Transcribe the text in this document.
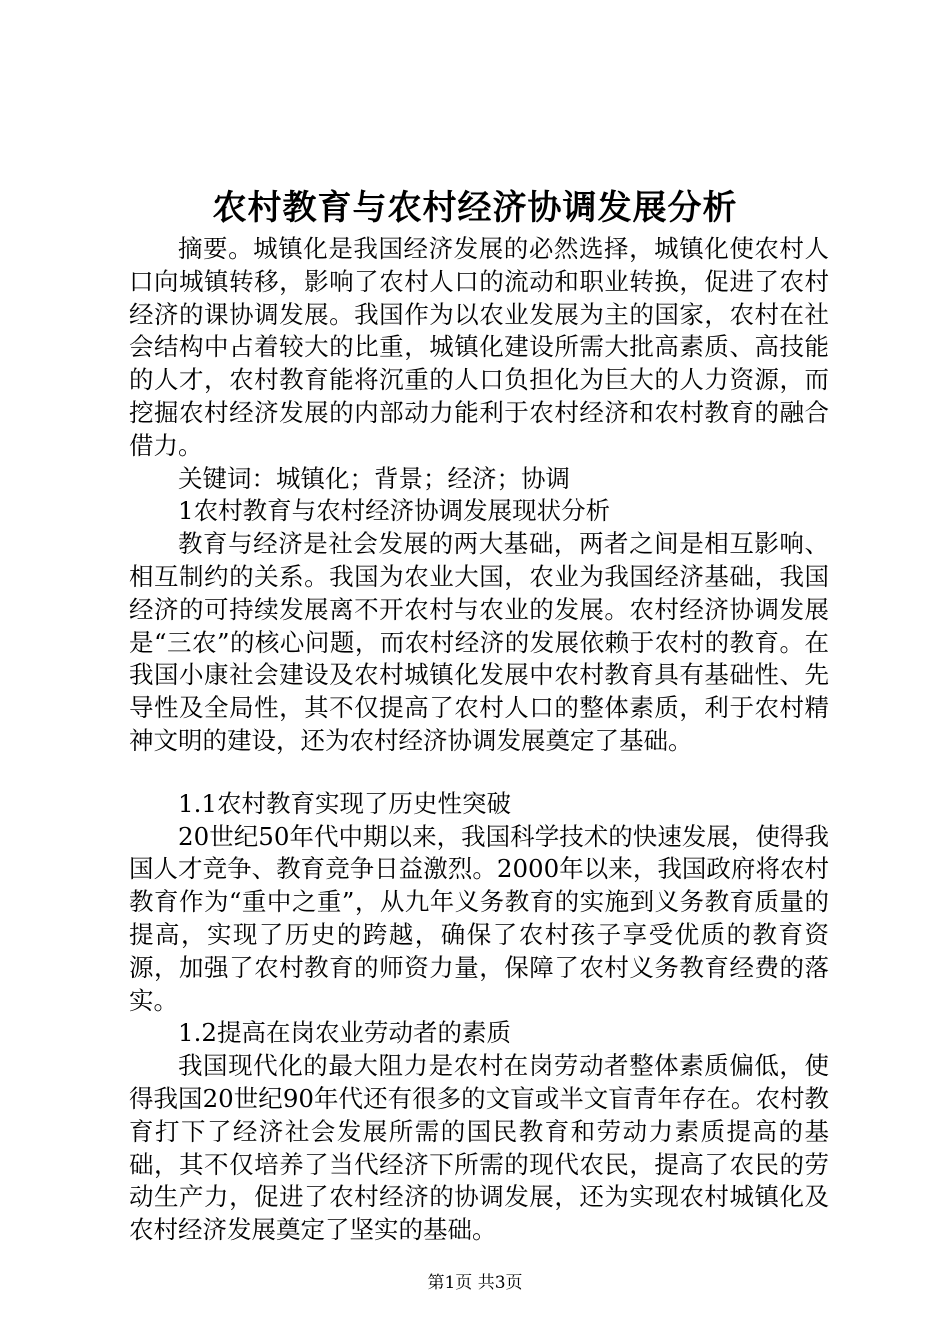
农村教育与农村经济协调发展分析

摘要。城镇化是我国经济发展的必然选择，城镇化使农村人口向城镇转移，影响了农村人口的流动和职业转换，促进了农村经济的课协调发展。我国作为以农业发展为主的国家，农村在社会结构中占着较大的比重，城镇化建设所需大批高素质、高技能的人才，农村教育能将沉重的人口负担化为巨大的人力资源，而挖掘农村经济发展的内部动力能利于农村经济和农村教育的融合借力。

关键词：城镇化；背景；经济；协调

1农村教育与农村经济协调发展现状分析

教育与经济是社会发展的两大基础，两者之间是相互影响、相互制约的关系。我国为农业大国，农业为我国经济基础，我国经济的可持续发展离不开农村与农业的发展。农村经济协调发展是“三农”的核心问题，而农村经济的发展依赖于农村的教育。在我国小康社会建设及农村城镇化发展中农村教育具有基础性、先导性及全局性，其不仅提高了农村人口的整体素质，利于农村精神文明的建设，还为农村经济协调发展奠定了基础。

1.1农村教育实现了历史性突破

20世纪50年代中期以来，我国科学技术的快速发展，使得我国人才竞争、教育竞争日益激烈。2000年以来，我国政府将农村教育作为“重中之重”，从九年义务教育的实施到义务教育质量的提高，实现了历史的跨越，确保了农村孩子享受优质的教育资源，加强了农村教育的师资力量，保障了农村义务教育经费的落实。

1.2提高在岗农业劳动者的素质

我国现代化的最大阻力是农村在岗劳动者整体素质偏低，使得我国20世纪90年代还有很多的文盲或半文盲青年存在。农村教育打下了经济社会发展所需的国民教育和劳动力素质提高的基础，其不仅培养了当代经济下所需的现代农民，提高了农民的劳动生产力，促进了农村经济的协调发展，还为实现农村城镇化及农村经济发展奠定了坚实的基础。

第1页 共3页
